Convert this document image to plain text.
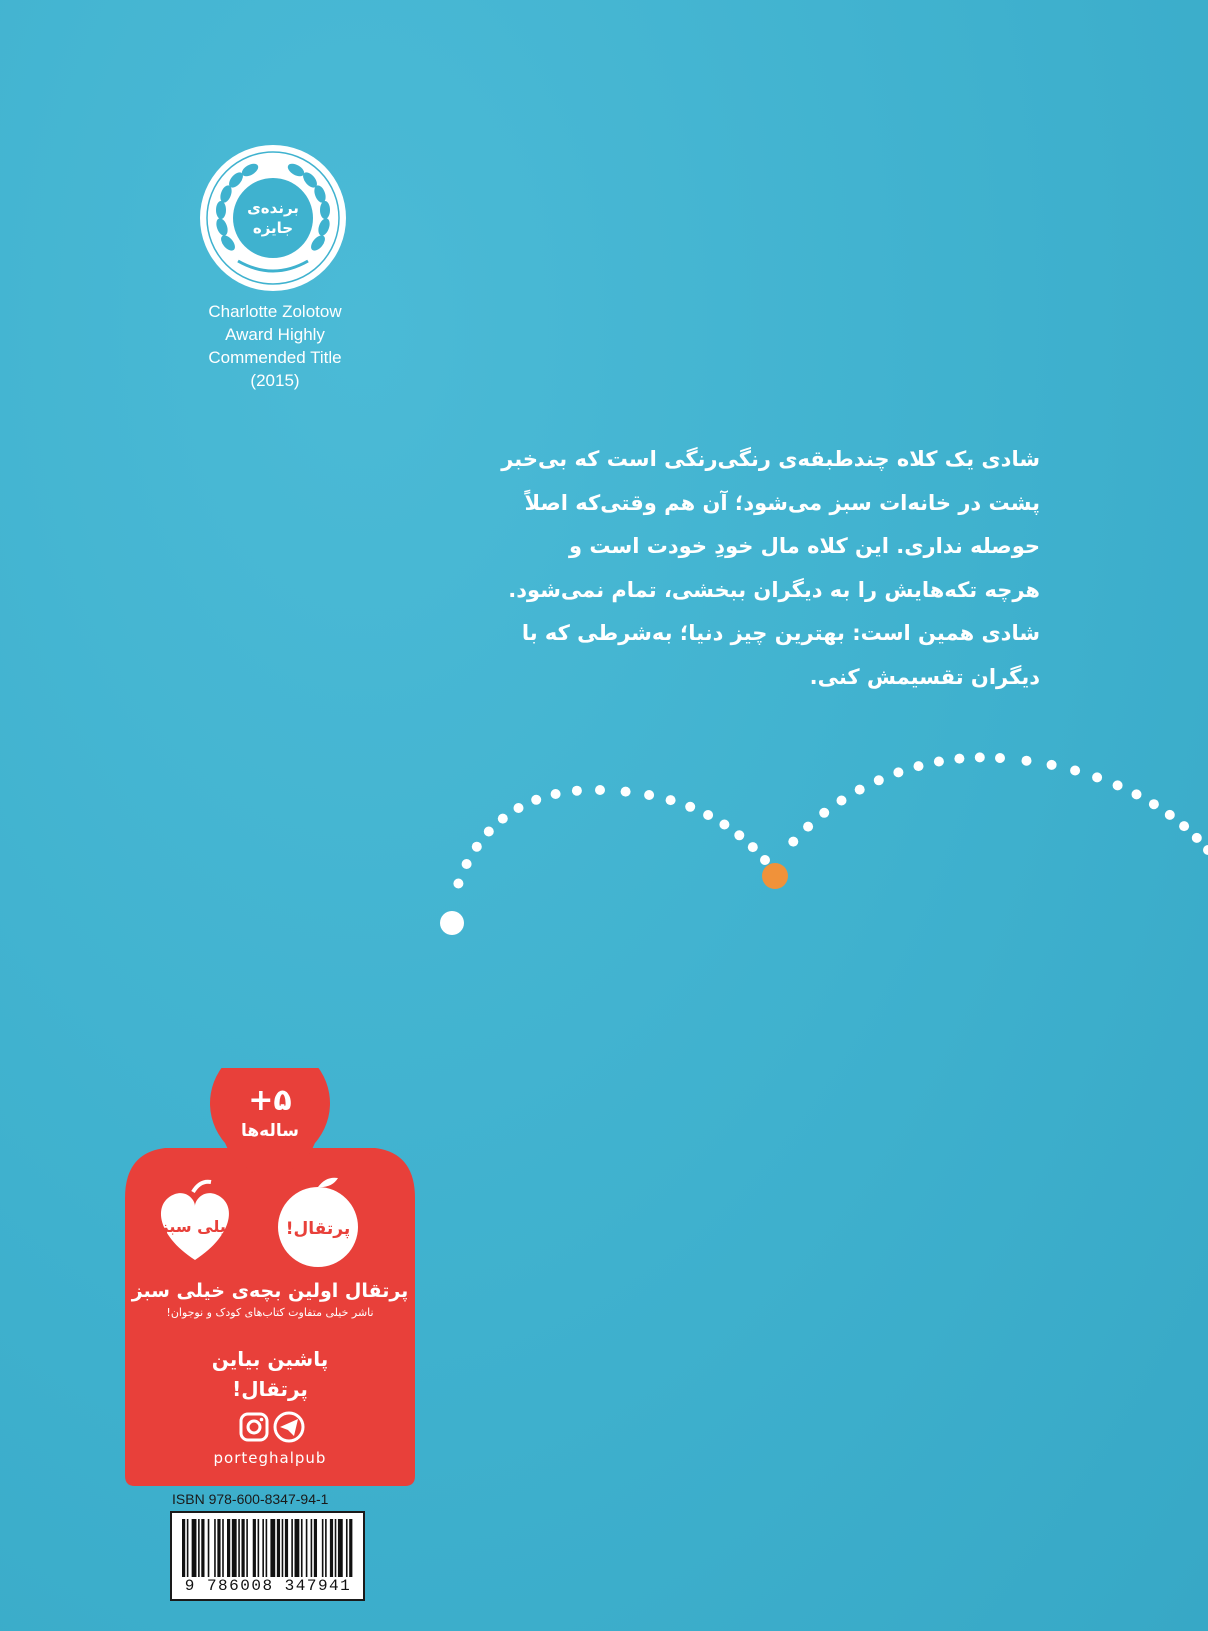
برنده‌ی
جایزه
Charlotte Zolotow
Award Highly
Commended Title
(2015)
شادی یک کلاه چندطبقه‌ی رنگی‌رنگی است که بی‌خبر
پشت در خانه‌ات سبز می‌شود؛ آن هم وقتی‌که اصلاً
حوصله نداری. این کلاه مال خودِ خودت است و
هرچه تکه‌هایش را به دیگران ببخشی، تمام نمی‌شود.
شادی همین است: بهترین چیز دنیا؛ به‌شرطی که با
دیگران تقسیمش کنی.
+۵
ساله‌ها
خیلی سبز!	پرتقال!
پرتقال اولین بچه‌ی خیلی سبز
ناشر خیلی متفاوت کتاب‌های کودک و نوجوان!
پاشین بیاین
پرتقال!
porteghalpub
ISBN 978-600-8347-94-1
9 786008 347941
